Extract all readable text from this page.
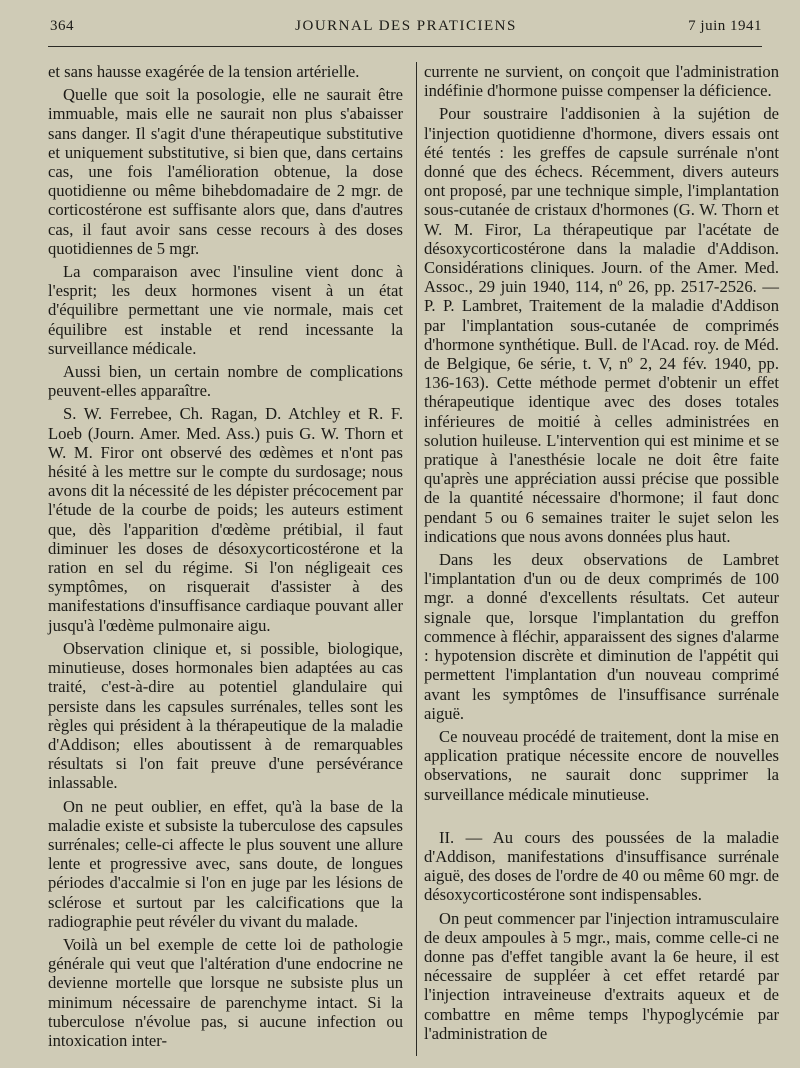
364	JOURNAL DES PRATICIENS	7 juin 1941

et sans hausse exagérée de la tension artérielle.

Quelle que soit la posologie, elle ne saurait être immuable, mais elle ne saurait non plus s'abaisser sans danger. Il s'agit d'une thérapeutique substitutive et uniquement substitutive, si bien que, dans certains cas, une fois l'amélioration obtenue, la dose quotidienne ou même bihebdomadaire de 2 mgr. de corticostérone est suffisante alors que, dans d'autres cas, il faut avoir sans cesse recours à des doses quotidiennes de 5 mgr.

La comparaison avec l'insuline vient donc à l'esprit; les deux hormones visent à un état d'équilibre permettant une vie normale, mais cet équilibre est instable et rend incessante la surveillance médicale.

Aussi bien, un certain nombre de complications peuvent-elles apparaître.

S. W. Ferrebee, Ch. Ragan, D. Atchley et R. F. Loeb (Journ. Amer. Med. Ass.) puis G. W. Thorn et W. M. Firor ont observé des œdèmes et n'ont pas hésité à les mettre sur le compte du surdosage; nous avons dit la nécessité de les dépister précocement par l'étude de la courbe de poids; les auteurs estiment que, dès l'apparition d'œdème prétibial, il faut diminuer les doses de désoxycorticostérone et la ration en sel du régime. Si l'on négligeait ces symptômes, on risquerait d'assister à des manifestations d'insuffisance cardiaque pouvant aller jusqu'à l'œdème pulmonaire aigu.

Observation clinique et, si possible, biologique, minutieuse, doses hormonales bien adaptées au cas traité, c'est-à-dire au potentiel glandulaire qui persiste dans les capsules surrénales, telles sont les règles qui président à la thérapeutique de la maladie d'Addison; elles aboutissent à de remarquables résultats si l'on fait preuve d'une persévérance inlassable.

On ne peut oublier, en effet, qu'à la base de la maladie existe et subsiste la tuberculose des capsules surrénales; celle-ci affecte le plus souvent une allure lente et progressive avec, sans doute, de longues périodes d'accalmie si l'on en juge par les lésions de sclérose et surtout par les calcifications que la radiographie peut révéler du vivant du malade.

Voilà un bel exemple de cette loi de pathologie générale qui veut que l'altération d'une endocrine ne devienne mortelle que lorsque ne subsiste plus un minimum nécessaire de parenchyme intact. Si la tuberculose n'évolue pas, si aucune infection ou intoxication inter-

currente ne survient, on conçoit que l'administration indéfinie d'hormone puisse compenser la déficience.

Pour soustraire l'addisonien à la sujétion de l'injection quotidienne d'hormone, divers essais ont été tentés : les greffes de capsule surrénale n'ont donné que des échecs. Récemment, divers auteurs ont proposé, par une technique simple, l'implantation sous-cutanée de cristaux d'hormones (G. W. Thorn et W. M. Firor, La thérapeutique par l'acétate de désoxycorticostérone dans la maladie d'Addison. Considérations cliniques. Journ. of the Amer. Med. Assoc., 29 juin 1940, 114, nº 26, pp. 2517-2526. — P. P. Lambret, Traitement de la maladie d'Addison par l'implantation sous-cutanée de comprimés d'hormone synthétique. Bull. de l'Acad. roy. de Méd. de Belgique, 6e série, t. V, nº 2, 24 fév. 1940, pp. 136-163). Cette méthode permet d'obtenir un effet thérapeutique identique avec des doses totales inférieures de moitié à celles administrées en solution huileuse. L'intervention qui est minime et se pratique à l'anesthésie locale ne doit être faite qu'après une appréciation aussi précise que possible de la quantité nécessaire d'hormone; il faut donc pendant 5 ou 6 semaines traiter le sujet selon les indications que nous avons données plus haut.

Dans les deux observations de Lambret l'implantation d'un ou de deux comprimés de 100 mgr. a donné d'excellents résultats. Cet auteur signale que, lorsque l'implantation du greffon commence à fléchir, apparaissent des signes d'alarme : hypotension discrète et diminution de l'appétit qui permettent l'implantation d'un nouveau comprimé avant les symptômes de l'insuffisance surrénale aiguë.

Ce nouveau procédé de traitement, dont la mise en application pratique nécessite encore de nouvelles observations, ne saurait donc supprimer la surveillance médicale minutieuse.

II. — Au cours des poussées de la maladie d'Addison, manifestations d'insuffisance surrénale aiguë, des doses de l'ordre de 40 ou même 60 mgr. de désoxycorticostérone sont indispensables.

On peut commencer par l'injection intramusculaire de deux ampoules à 5 mgr., mais, comme celle-ci ne donne pas d'effet tangible avant la 6e heure, il est nécessaire de suppléer à cet effet retardé par l'injection intraveineuse d'extraits aqueux et de combattre en même temps l'hypoglycémie par l'administration de
